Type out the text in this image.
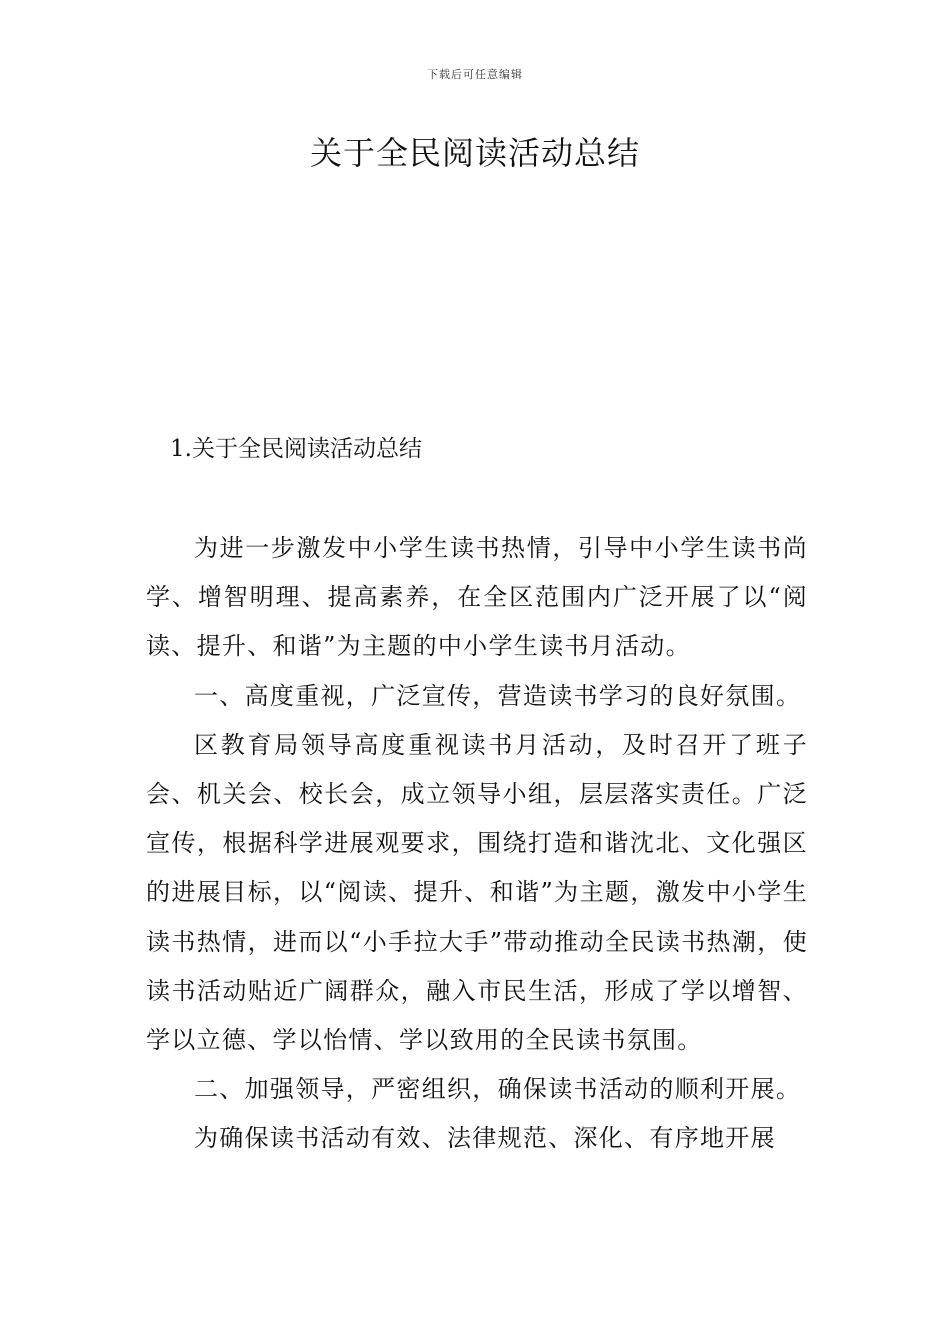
下载后可任意编辑
关于全民阅读活动总结
1.关于全民阅读活动总结

为进一步激发中小学生读书热情，引导中小学生读书尚学、增智明理、提高素养，在全区范围内广泛开展了以“阅读、提升、和谐”为主题的中小学生读书月活动。

一、高度重视，广泛宣传，营造读书学习的良好氛围。

区教育局领导高度重视读书月活动，及时召开了班子会、机关会、校长会，成立领导小组，层层落实责任。广泛宣传，根据科学进展观要求，围绕打造和谐沈北、文化强区的进展目标，以“阅读、提升、和谐”为主题，激发中小学生读书热情，进而以“小手拉大手”带动推动全民读书热潮，使读书活动贴近广阔群众，融入市民生活，形成了学以增智、学以立德、学以怡情、学以致用的全民读书氛围。

二、加强领导，严密组织，确保读书活动的顺利开展。

为确保读书活动有效、法律规范、深化、有序地开展
